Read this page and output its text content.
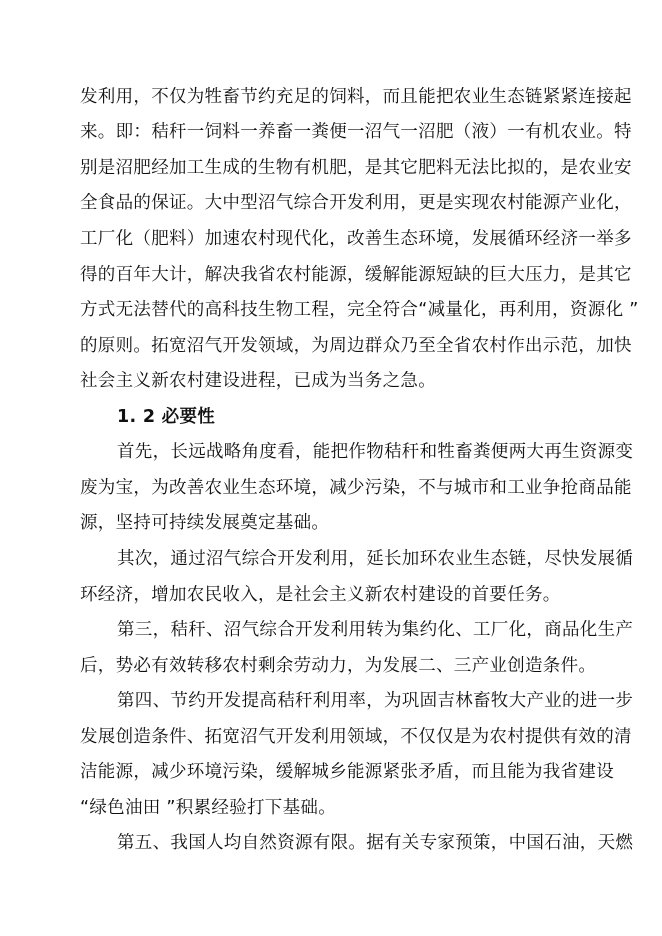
发利用，不仅为牲畜节约充足的饲料，而且能把农业生态链紧紧连接起
来。即：秸秆一饲料一养畜一粪便一沼气一沼肥（液）一有机农业。特
别是沼肥经加工生成的生物有机肥，是其它肥料无法比拟的，是农业安
全食品的保证。大中型沼气综合开发利用，更是实现农村能源产业化，
工厂化（肥料）加速农村现代化，改善生态环境，发展循环经济一举多
得的百年大计，解决我省农村能源，缓解能源短缺的巨大压力，是其它
方式无法替代的高科技生物工程，完全符合“减量化，再利用，资源化 ”
的原则。拓宽沼气开发领域，为周边群众乃至全省农村作出示范，加快
社会主义新农村建设进程，已成为当务之急。
1. 2 必要性
首先，长远战略角度看，能把作物秸秆和牲畜粪便两大再生资源变
废为宝，为改善农业生态环境，减少污染，不与城市和工业争抢商品能
源，坚持可持续发展奠定基础。
其次，通过沼气综合开发利用，延长加环农业生态链，尽快发展循
环经济，增加农民收入，是社会主义新农村建设的首要任务。
第三，秸秆、沼气综合开发利用转为集约化、工厂化，商品化生产
后，势必有效转移农村剩余劳动力，为发展二、三产业创造条件。
第四、节约开发提高秸秆利用率，为巩固吉林畜牧大产业的进一步
发展创造条件、拓宽沼气开发利用领域，不仅仅是为农村提供有效的清
洁能源，减少环境污染，缓解城乡能源紧张矛盾，而且能为我省建设
“绿色油田 ”积累经验打下基础。
第五、我国人均自然资源有限。据有关专家预策，中国石油，天燃
